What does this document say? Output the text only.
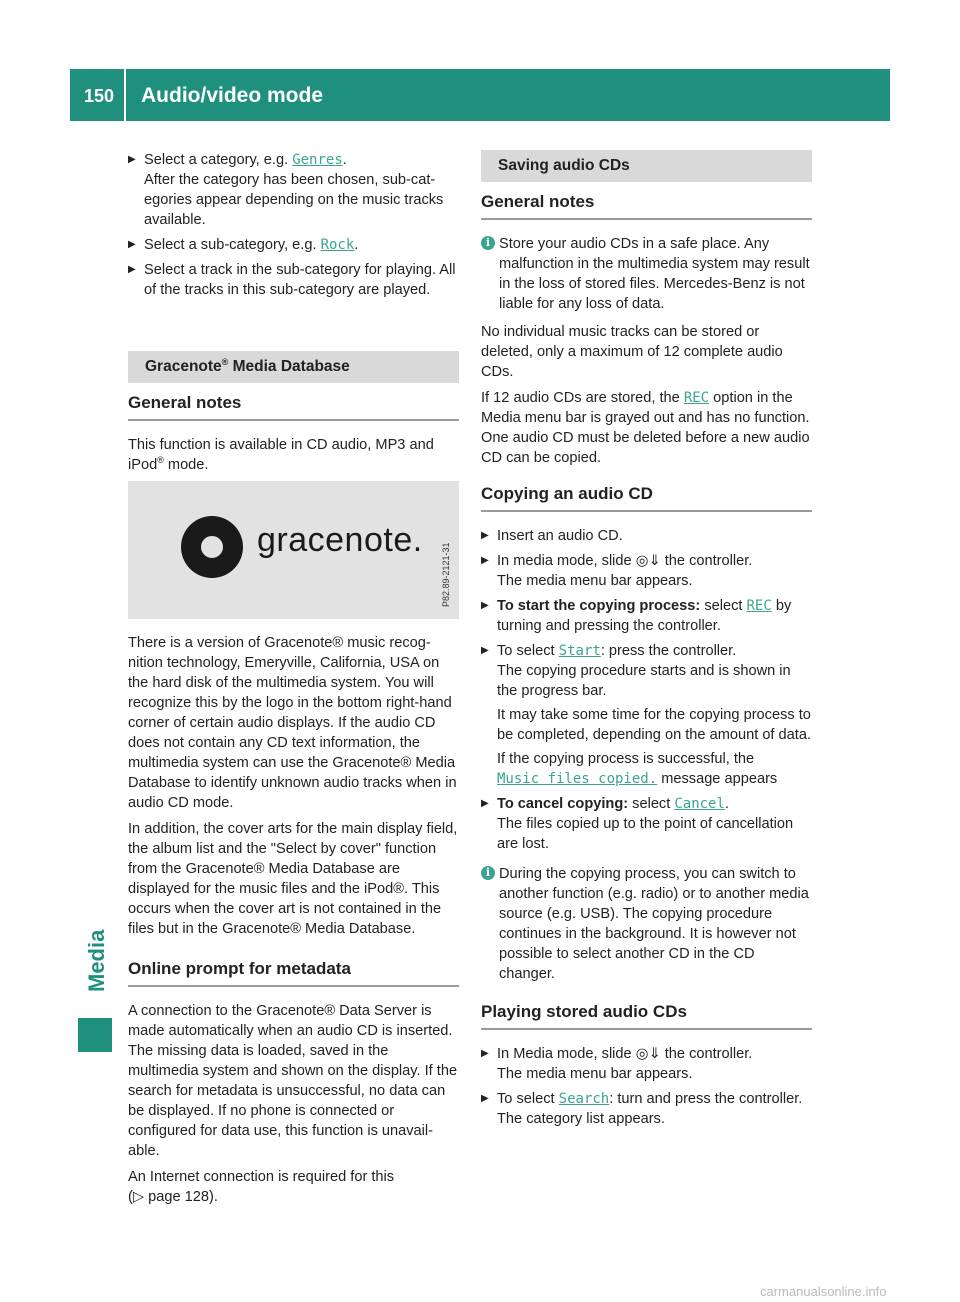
150 Audio/video mode
Media
▶ Select a category, e.g. Genres.
After the category has been chosen, sub-categories appear depending on the music tracks available.
▶ Select a sub-category, e.g. Rock.
▶ Select a track in the sub-category for playing. All of the tracks in this sub-category are played.
Gracenote® Media Database
General notes

This function is available in CD audio, MP3 and iPod® mode.

gracenote.
P82.89-2121-31

There is a version of Gracenote® music recognition technology, Emeryville, California, USA on the hard disk of the multimedia system. You will recognize this by the logo in the bottom right-hand corner of certain audio displays. If the audio CD does not contain any CD text information, the multimedia system can use the Gracenote® Media Database to identify unknown audio tracks when in audio CD mode.

In addition, the cover arts for the main display field, the album list and the "Select by cover" function from the Gracenote® Media Database are displayed for the music files and the iPod®. This occurs when the cover art is not contained in the files but in the Gracenote® Media Database.

Online prompt for metadata

A connection to the Gracenote® Data Server is made automatically when an audio CD is inserted. The missing data is loaded, saved in the multimedia system and shown on the display. If the search for metadata is unsuccessful, no data can be displayed. If no phone is connected or configured for data use, this function is unavailable.

An Internet connection is required for this
(▷ page 128).

Saving audio CDs
General notes
i Store your audio CDs in a safe place. Any malfunction in the multimedia system may result in the loss of stored files. Mercedes-Benz is not liable for any loss of data.

No individual music tracks can be stored or deleted, only a maximum of 12 complete audio CDs.

If 12 audio CDs are stored, the REC option in the Media menu bar is grayed out and has no function. One audio CD must be deleted before a new audio CD can be copied.

Copying an audio CD
▶ Insert an audio CD.
▶ In media mode, slide ◎⇓ the controller.
The media menu bar appears.
▶ To start the copying process: select REC by turning and pressing the controller.
▶ To select Start: press the controller.
The copying procedure starts and is shown in the progress bar.
It may take some time for the copying process to be completed, depending on the amount of data.
If the copying process is successful, the
Music files copied. message appears
▶ To cancel copying: select Cancel.
The files copied up to the point of cancellation are lost.
i During the copying process, you can switch to another function (e.g. radio) or to another media source (e.g. USB). The copying procedure continues in the background. It is however not possible to select another CD in the CD changer.
Playing stored audio CDs
▶ In Media mode, slide ◎⇓ the controller.
The media menu bar appears.
▶ To select Search: turn and press the controller.
The category list appears.
carmanualsonline.info
